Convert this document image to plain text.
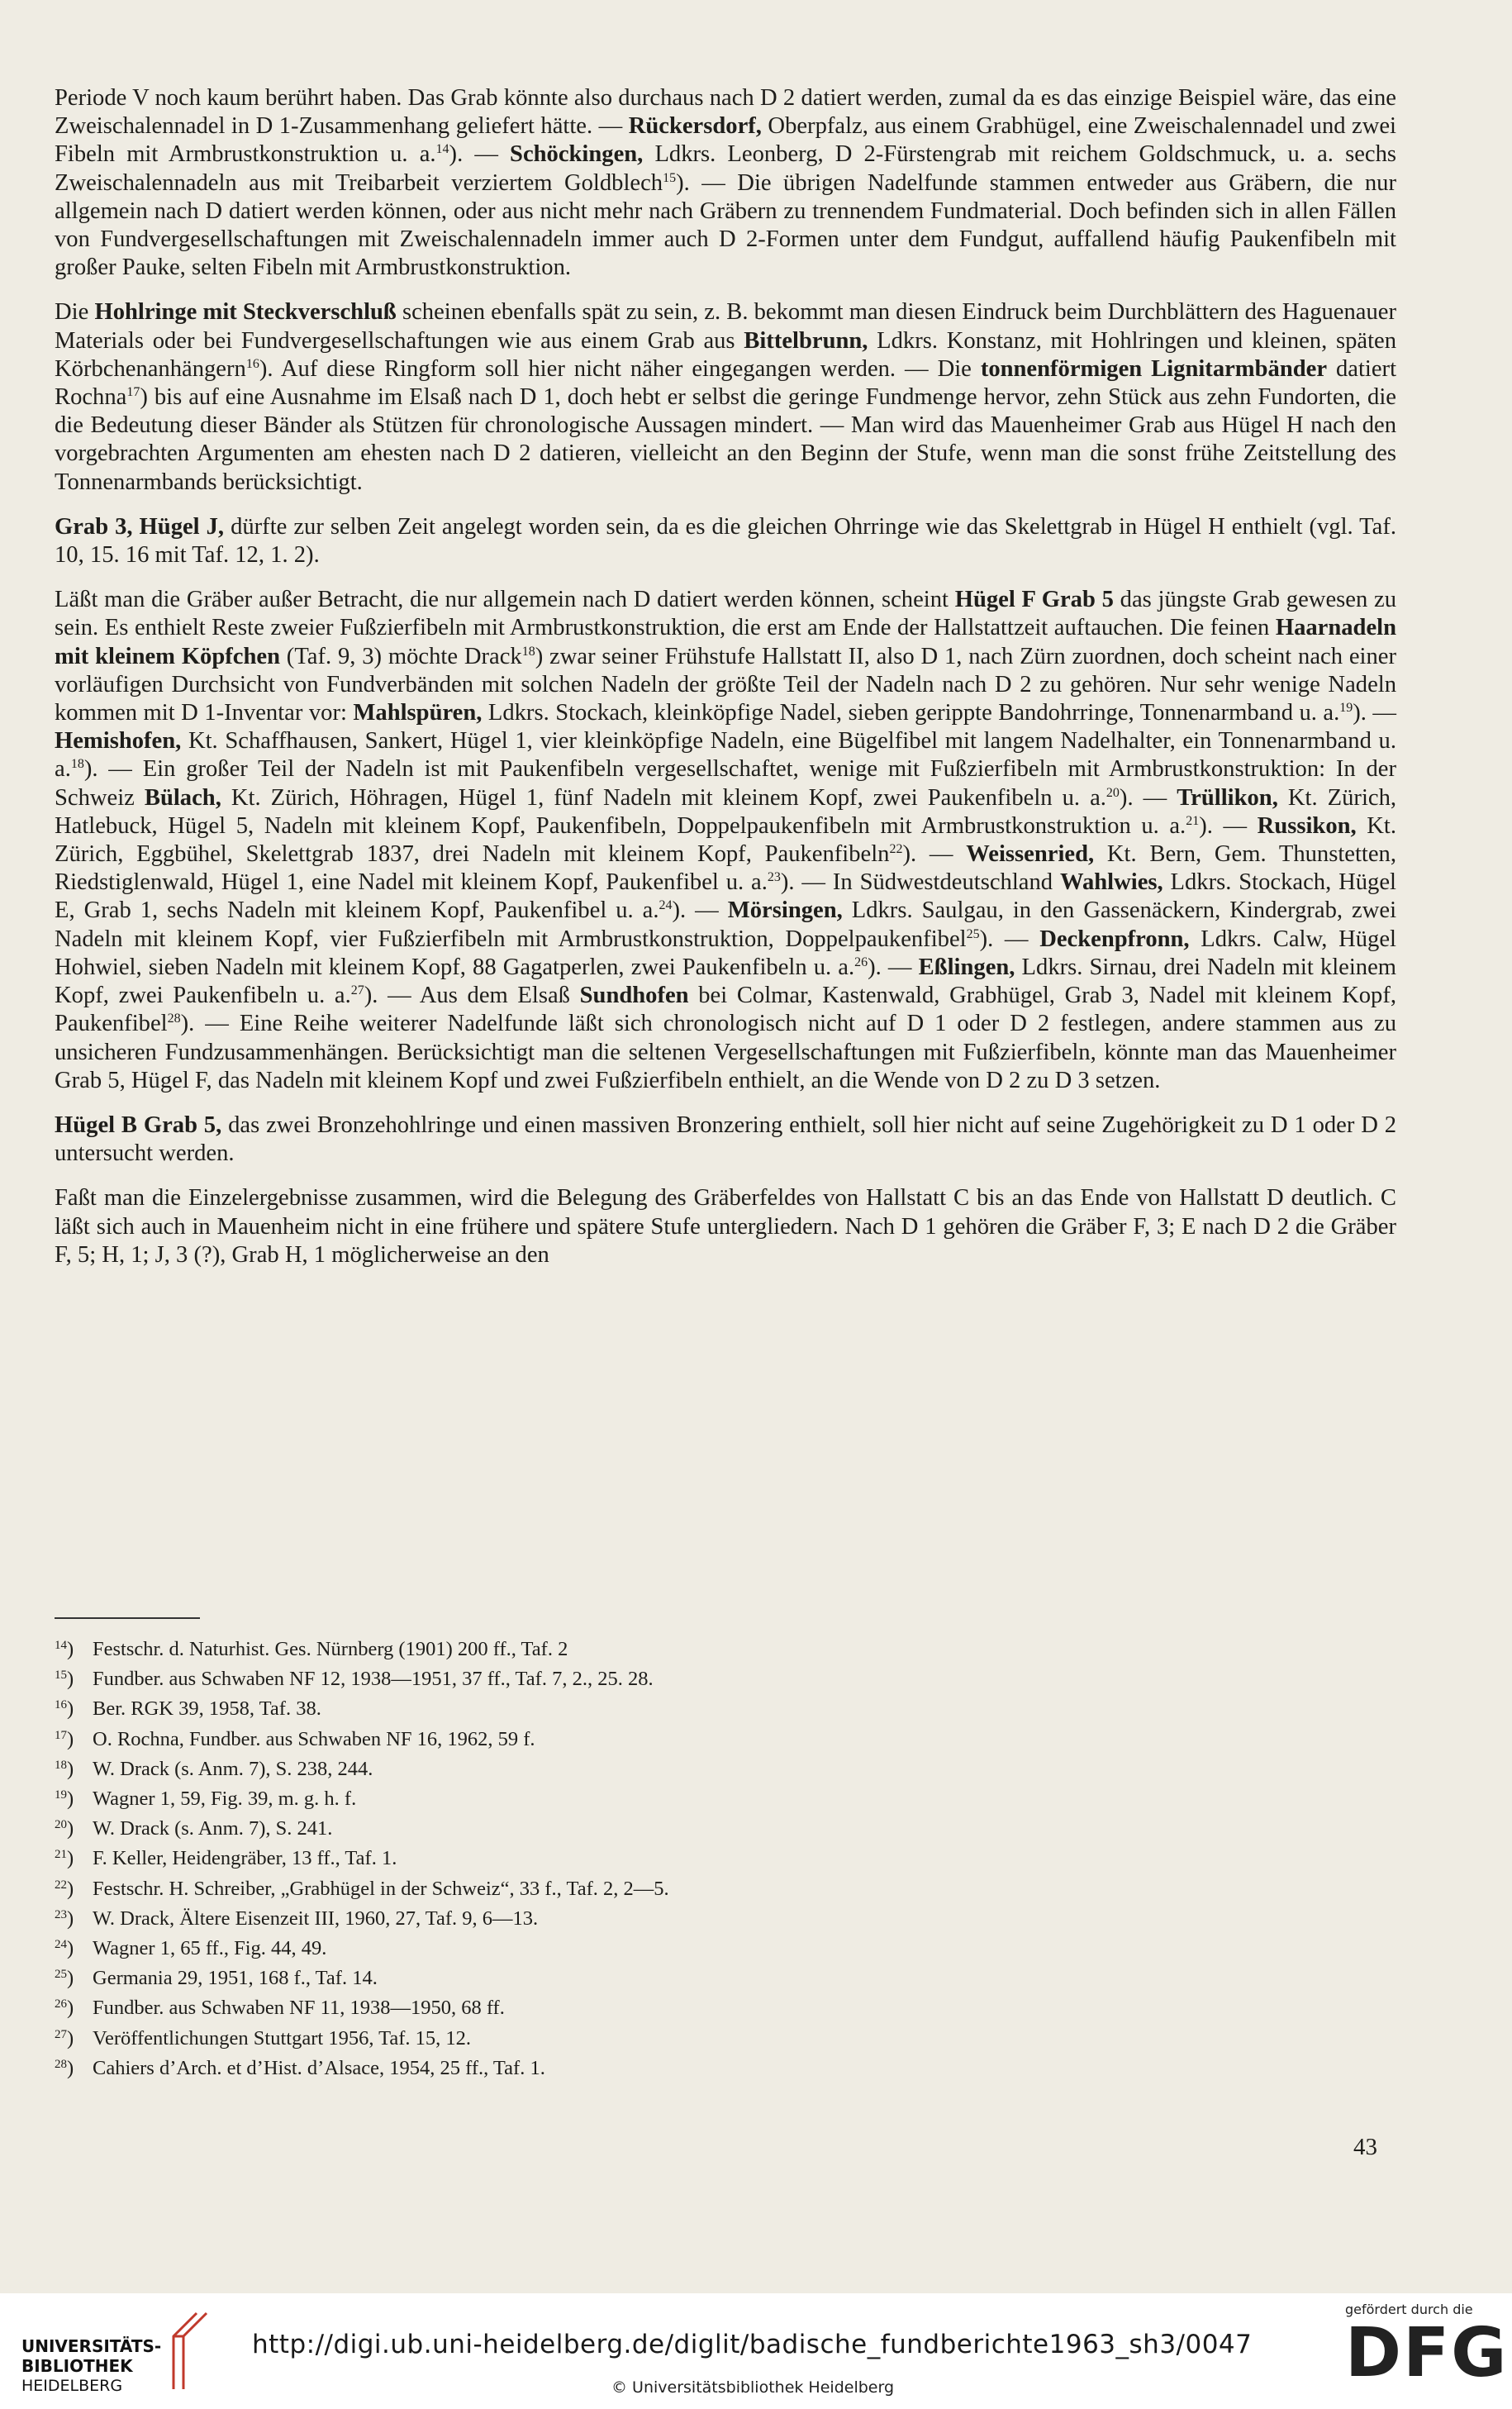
Periode V noch kaum berührt haben. Das Grab könnte also durchaus nach D 2 datiert werden, zumal da es das einzige Beispiel wäre, das eine Zweischalennadel in D 1-Zusammenhang geliefert hätte. — Rückersdorf, Oberpfalz, aus einem Grabhügel, eine Zweischalennadel und zwei Fibeln mit Armbrustkonstruktion u. a.$^{14}$). — Schöckingen, Ldkrs. Leonberg, D 2-Fürstengrab mit reichem Goldschmuck, u. a. sechs Zweischalennadeln aus mit Treibarbeit verziertem Goldblech$^{15}$). — Die übrigen Nadelfunde stammen entweder aus Gräbern, die nur allgemein nach D datiert werden können, oder aus nicht mehr nach Gräbern zu trennendem Fundmaterial. Doch befinden sich in allen Fällen von Fundvergesellschaftungen mit Zweischalennadeln immer auch D 2-Formen unter dem Fundgut, auffallend häufig Paukenfibeln mit großer Pauke, selten Fibeln mit Armbrustkonstruktion.

Die Hohlringe mit Steckverschluß scheinen ebenfalls spät zu sein, z. B. bekommt man diesen Eindruck beim Durchblättern des Haguenauer Materials oder bei Fundvergesellschaftungen wie aus einem Grab aus Bittelbrunn, Ldkrs. Konstanz, mit Hohlringen und kleinen, späten Körbchenanhängern$^{16}$). Auf diese Ringform soll hier nicht näher eingegangen werden. — Die tonnenförmigen Lignitarmbänder datiert Rochna$^{17}$) bis auf eine Ausnahme im Elsaß nach D 1, doch hebt er selbst die geringe Fundmenge hervor, zehn Stück aus zehn Fundorten, die die Bedeutung dieser Bänder als Stützen für chronologische Aussagen mindert. — Man wird das Mauenheimer Grab aus Hügel H nach den vorgebrachten Argumenten am ehesten nach D 2 datieren, vielleicht an den Beginn der Stufe, wenn man die sonst frühe Zeitstellung des Tonnenarmbands berücksichtigt.

Grab 3, Hügel J, dürfte zur selben Zeit angelegt worden sein, da es die gleichen Ohrringe wie das Skelettgrab in Hügel H enthielt (vgl. Taf. 10, 15. 16 mit Taf. 12, 1. 2).

Läßt man die Gräber außer Betracht, die nur allgemein nach D datiert werden können, scheint Hügel F Grab 5 das jüngste Grab gewesen zu sein. Es enthielt Reste zweier Fußzierfibeln mit Armbrustkonstruktion, die erst am Ende der Hallstattzeit auftauchen. Die feinen Haarnadeln mit kleinem Köpfchen (Taf. 9, 3) möchte Drack$^{18}$) zwar seiner Frühstufe Hallstatt II, also D 1, nach Zürn zuordnen, doch scheint nach einer vorläufigen Durchsicht von Fundverbänden mit solchen Nadeln der größte Teil der Nadeln nach D 2 zu gehören. Nur sehr wenige Nadeln kommen mit D 1-Inventar vor: Mahlspüren, Ldkrs. Stockach, kleinköpfige Nadel, sieben gerippte Bandohrringe, Tonnenarmband u. a.$^{19}$). — Hemishofen, Kt. Schaffhausen, Sankert, Hügel 1, vier kleinköpfige Nadeln, eine Bügelfibel mit langem Nadelhalter, ein Tonnenarmband u. a.$^{18}$). — Ein großer Teil der Nadeln ist mit Paukenfibeln vergesellschaftet, wenige mit Fußzierfibeln mit Armbrustkonstruktion: In der Schweiz Bülach, Kt. Zürich, Höhragen, Hügel 1, fünf Nadeln mit kleinem Kopf, zwei Paukenfibeln u. a.$^{20}$). — Trüllikon, Kt. Zürich, Hatlebuck, Hügel 5, Nadeln mit kleinem Kopf, Paukenfibeln, Doppelpaukenfibeln mit Armbrustkonstruktion u. a.$^{21}$). — Russikon, Kt. Zürich, Eggbühel, Skelettgrab 1837, drei Nadeln mit kleinem Kopf, Paukenfibeln$^{22}$). — Weissenried, Kt. Bern, Gem. Thunstetten, Riedstiglenwald, Hügel 1, eine Nadel mit kleinem Kopf, Paukenfibel u. a.$^{23}$). — In Südwestdeutschland Wahlwies, Ldkrs. Stockach, Hügel E, Grab 1, sechs Nadeln mit kleinem Kopf, Paukenfibel u. a.$^{24}$). — Mörsingen, Ldkrs. Saulgau, in den Gassenäckern, Kindergrab, zwei Nadeln mit kleinem Kopf, vier Fußzierfibeln mit Armbrustkonstruktion, Doppelpaukenfibel$^{25}$). — Deckenpfronn, Ldkrs. Calw, Hügel Hohwiel, sieben Nadeln mit kleinem Kopf, 88 Gagatperlen, zwei Paukenfibeln u. a.$^{26}$). — Eßlingen, Ldkrs. Sirnau, drei Nadeln mit kleinem Kopf, zwei Paukenfibeln u. a.$^{27}$). — Aus dem Elsaß Sundhofen bei Colmar, Kastenwald, Grabhügel, Grab 3, Nadel mit kleinem Kopf, Paukenfibel$^{28}$). — Eine Reihe weiterer Nadelfunde läßt sich chronologisch nicht auf D 1 oder D 2 festlegen, andere stammen aus zu unsicheren Fundzusammenhängen. Berücksichtigt man die seltenen Vergesellschaftungen mit Fußzierfibeln, könnte man das Mauenheimer Grab 5, Hügel F, das Nadeln mit kleinem Kopf und zwei Fußzierfibeln enthielt, an die Wende von D 2 zu D 3 setzen.

Hügel B Grab 5, das zwei Bronzehohlringe und einen massiven Bronzering enthielt, soll hier nicht auf seine Zugehörigkeit zu D 1 oder D 2 untersucht werden.

Faßt man die Einzelergebnisse zusammen, wird die Belegung des Gräberfeldes von Hallstatt C bis an das Ende von Hallstatt D deutlich. C läßt sich auch in Mauenheim nicht in eine frühere und spätere Stufe untergliedern. Nach D 1 gehören die Gräber F, 3; E nach D 2 die Gräber F, 5; H, 1; J, 3 (?), Grab H, 1 möglicherweise an den

$^{14}$) Festschr. d. Naturhist. Ges. Nürnberg (1901) 200 ff., Taf. 2
$^{15}$) Fundber. aus Schwaben NF 12, 1938—1951, 37 ff., Taf. 7, 2., 25. 28.
$^{16}$) Ber. RGK 39, 1958, Taf. 38.
$^{17}$) O. Rochna, Fundber. aus Schwaben NF 16, 1962, 59 f.
$^{18}$) W. Drack (s. Anm. 7), S. 238, 244.
$^{19}$) Wagner 1, 59, Fig. 39, m. g. h. f.
$^{20}$) W. Drack (s. Anm. 7), S. 241.
$^{21}$) F. Keller, Heidengräber, 13 ff., Taf. 1.
$^{22}$) Festschr. H. Schreiber, „Grabhügel in der Schweiz“, 33 f., Taf. 2, 2—5.
$^{23}$) W. Drack, Ältere Eisenzeit III, 1960, 27, Taf. 9, 6—13.
$^{24}$) Wagner 1, 65 ff., Fig. 44, 49.
$^{25}$) Germania 29, 1951, 168 f., Taf. 14.
$^{26}$) Fundber. aus Schwaben NF 11, 1938—1950, 68 ff.
$^{27}$) Veröffentlichungen Stuttgart 1956, Taf. 15, 12.
$^{28}$) Cahiers d’Arch. et d’Hist. d’Alsace, 1954, 25 ff., Taf. 1.
43
UNIVERSITÄTS-
BIBLIOTHEK
HEIDELBERG
http://digi.ub.uni-heidelberg.de/diglit/badische_fundberichte1963_sh3/0047
© Universitätsbibliothek Heidelberg
gefördert durch die
DFG
